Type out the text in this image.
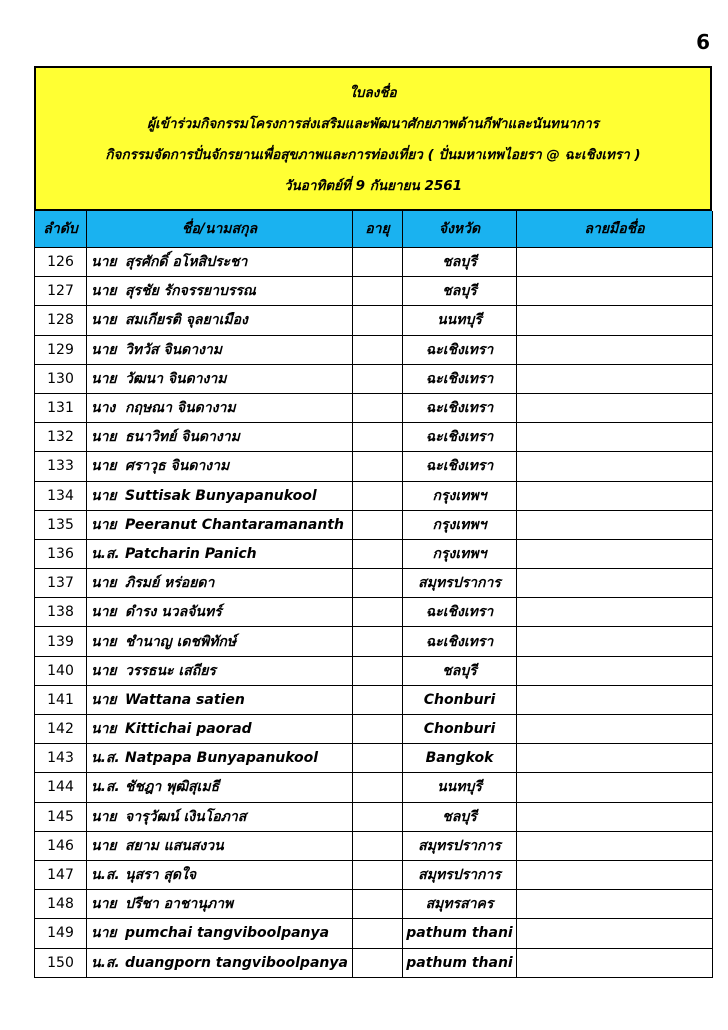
6
ใบลงชื่อ
ผู้เข้าร่วมกิจกรรมโครงการส่งเสริมและพัฒนาศักยภาพด้านกีฬาและนันทนาการ
กิจกรรมจัดการปั่นจักรยานเพื่อสุขภาพและการท่องเที่ยว ( ปั่นมหาเทพไอยรา @ ฉะเชิงเทรา )
วันอาทิตย์ที่ 9 กันยายน 2561
ลำดับ	ชื่อ/นามสกุล	อายุ	จังหวัด	ลายมือชื่อ
126	นาย สุรศักดิ์ อโหสิประชา		ชลบุรี	
127	นาย สุรชัย รักจรรยาบรรณ		ชลบุรี	
128	นาย สมเกียรติ จุลยาเมือง		นนทบุรี	
129	นาย วิทวัส จินดางาม		ฉะเชิงเทรา	
130	นาย วัฒนา จินดางาม		ฉะเชิงเทรา	
131	นาง กฤษณา จินดางาม		ฉะเชิงเทรา	
132	นาย ธนาวิทย์ จินดางาม		ฉะเชิงเทรา	
133	นาย ศราวุธ จินดางาม		ฉะเชิงเทรา	
134	นาย Suttisak Bunyapanukool		กรุงเทพฯ	
135	นาย Peeranut Chantaramananth		กรุงเทพฯ	
136	น.ส. Patcharin Panich		กรุงเทพฯ	
137	นาย ภิรมย์ หร่อยดา		สมุทรปราการ	
138	นาย ดำรง นวลจันทร์		ฉะเชิงเทรา	
139	นาย ชำนาญ เดชพิทักษ์		ฉะเชิงเทรา	
140	นาย วรรธนะ เสถียร		ชลบุรี	
141	นาย Wattana satien		Chonburi	
142	นาย Kittichai paorad		Chonburi	
143	น.ส. Natpapa Bunyapanukool		Bangkok	
144	น.ส. ชัชฎา พุฒิสุเมธี		นนทบุรี	
145	นาย จารุวัฒน์ เงินโอภาส		ชลบุรี	
146	นาย สยาม แสนสงวน		สมุทรปราการ	
147	น.ส. นุสรา สุดใจ		สมุทรปราการ	
148	นาย ปรีชา อาชานุภาพ		สมุทรสาคร	
149	นาย pumchai tangviboolpanya		pathum thani	
150	น.ส. duangporn tangviboolpanya		pathum thani	
